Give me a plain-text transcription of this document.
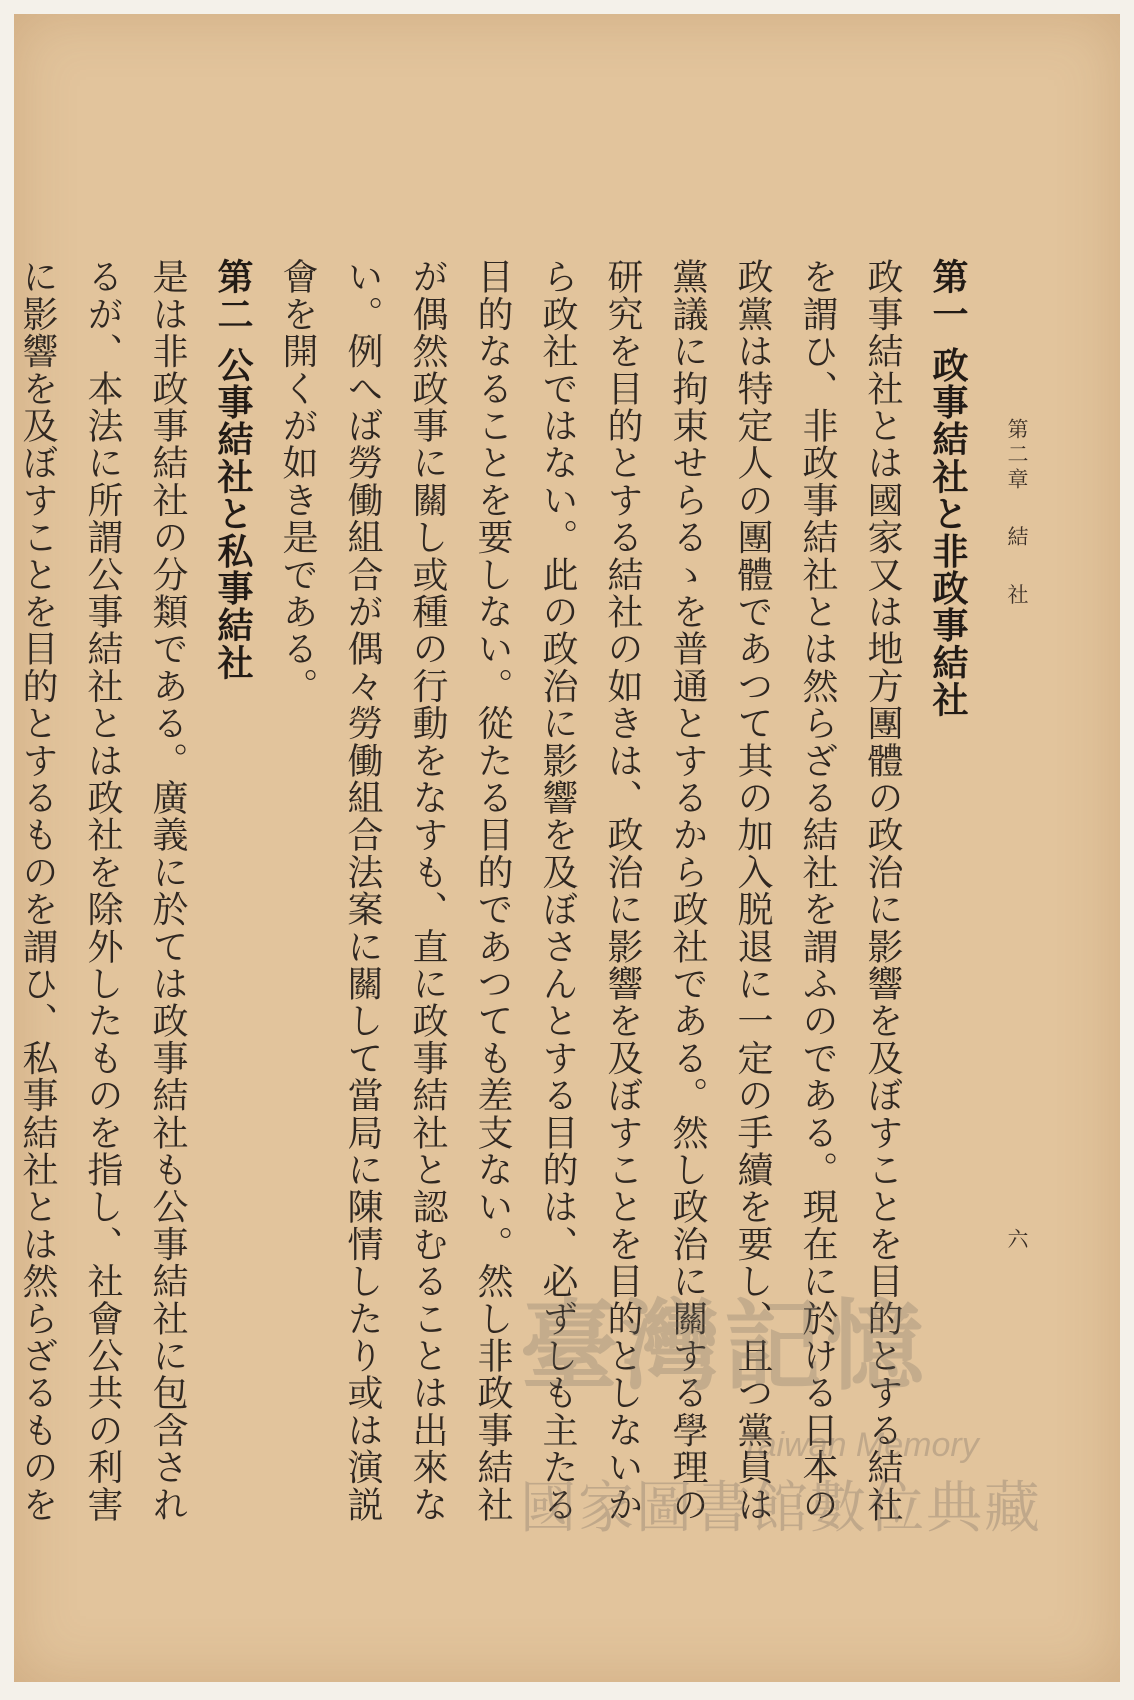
第二章 結 社
六

第一 政事結社と非政事結社

政事結社とは國家又は地方團體の政治に影響を及ぼすことを目的とする結社を謂ひ、非政事結社とは然らざる結社を謂ふのである。現在に於ける日本の政黨は特定人の團體であつて其の加入脱退に一定の手續を要し、且つ黨員は黨議に拘束せらるゝを普通とするから政社である。然し政治に關する學理の研究を目的とする結社の如きは、政治に影響を及ぼすことを目的としないから政社ではない。此の政治に影響を及ぼさんとする目的は、必ずしも主たる目的なることを要しない。從たる目的であつても差支ない。然し非政事結社が偶然政事に關し或種の行動をなすも、直に政事結社と認むることは出來ない。例へば勞働組合が偶々勞働組合法案に關して當局に陳情したり或は演説會を開くが如き是である。

第二 公事結社と私事結社

是は非政事結社の分類である。廣義に於ては政事結社も公事結社に包含されるが、本法に所謂公事結社とは政社を除外したものを指し、社會公共の利害に影響を及ぼすことを目的とするものを謂ひ、私事結社とは然らざるものを

臺灣記憶
Taiwan Memory
國家圖書館數位典藏
